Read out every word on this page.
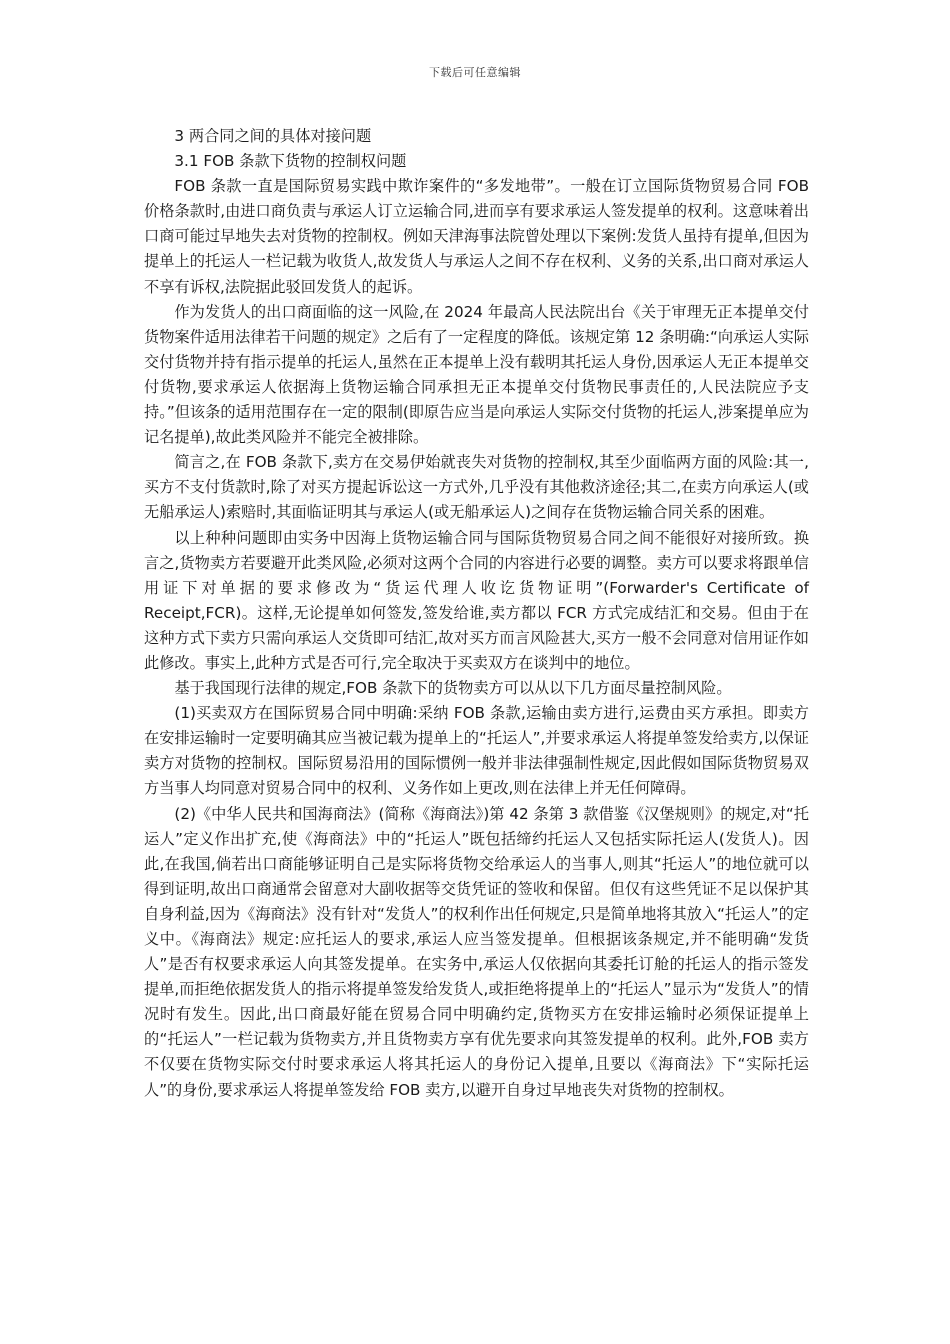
下载后可任意编辑

3 两合同之间的具体对接问题

3.1 FOB 条款下货物的控制权问题

FOB 条款一直是国际贸易实践中欺诈案件的“多发地带”。一般在订立国际货物贸易合同 FOB 价格条款时,由进口商负责与承运人订立运输合同,进而享有要求承运人签发提单的权利。这意味着出口商可能过早地失去对货物的控制权。例如天津海事法院曾处理以下案例:发货人虽持有提单,但因为提单上的托运人一栏记载为收货人,故发货人与承运人之间不存在权利、义务的关系,出口商对承运人不享有诉权,法院据此驳回发货人的起诉。

作为发货人的出口商面临的这一风险,在 2024 年最高人民法院出台《关于审理无正本提单交付货物案件适用法律若干问题的规定》之后有了一定程度的降低。该规定第 12 条明确:“向承运人实际交付货物并持有指示提单的托运人,虽然在正本提单上没有载明其托运人身份,因承运人无正本提单交付货物,要求承运人依据海上货物运输合同承担无正本提单交付货物民事责任的,人民法院应予支持。”但该条的适用范围存在一定的限制(即原告应当是向承运人实际交付货物的托运人,涉案提单应为记名提单),故此类风险并不能完全被排除。

简言之,在 FOB 条款下,卖方在交易伊始就丧失对货物的控制权,其至少面临两方面的风险:其一,买方不支付货款时,除了对买方提起诉讼这一方式外,几乎没有其他救济途径;其二,在卖方向承运人(或无船承运人)索赔时,其面临证明其与承运人(或无船承运人)之间存在货物运输合同关系的困难。

以上种种问题即由实务中因海上货物运输合同与国际货物贸易合同之间不能很好对接所致。换言之,货物卖方若要避开此类风险,必须对这两个合同的内容进行必要的调整。卖方可以要求将跟单信用证下对单据的要求修改为“货运代理人收讫货物证明”(Forwarder's Certificate of Receipt,FCR)。这样,无论提单如何签发,签发给谁,卖方都以 FCR 方式完成结汇和交易。但由于在这种方式下卖方只需向承运人交货即可结汇,故对买方而言风险甚大,买方一般不会同意对信用证作如此修改。事实上,此种方式是否可行,完全取决于买卖双方在谈判中的地位。

基于我国现行法律的规定,FOB 条款下的货物卖方可以从以下几方面尽量控制风险。

(1)买卖双方在国际贸易合同中明确:采纳 FOB 条款,运输由卖方进行,运费由买方承担。即卖方在安排运输时一定要明确其应当被记载为提单上的“托运人”,并要求承运人将提单签发给卖方,以保证卖方对货物的控制权。国际贸易沿用的国际惯例一般并非法律强制性规定,因此假如国际货物贸易双方当事人均同意对贸易合同中的权利、义务作如上更改,则在法律上并无任何障碍。

(2)《中华人民共和国海商法》(简称《海商法》)第 42 条第 3 款借鉴《汉堡规则》的规定,对“托运人”定义作出扩充,使《海商法》中的“托运人”既包括缔约托运人又包括实际托运人(发货人)。因此,在我国,倘若出口商能够证明自己是实际将货物交给承运人的当事人,则其“托运人”的地位就可以得到证明,故出口商通常会留意对大副收据等交货凭证的签收和保留。但仅有这些凭证不足以保护其自身利益,因为《海商法》没有针对“发货人”的权利作出任何规定,只是简单地将其放入“托运人”的定义中。《海商法》规定:应托运人的要求,承运人应当签发提单。但根据该条规定,并不能明确“发货人”是否有权要求承运人向其签发提单。在实务中,承运人仅依据向其委托订舱的托运人的指示签发提单,而拒绝依据发货人的指示将提单签发给发货人,或拒绝将提单上的“托运人”显示为“发货人”的情况时有发生。因此,出口商最好能在贸易合同中明确约定,货物买方在安排运输时必须保证提单上的“托运人”一栏记载为货物卖方,并且货物卖方享有优先要求向其签发提单的权利。此外,FOB 卖方不仅要在货物实际交付时要求承运人将其托运人的身份记入提单,且要以《海商法》下“实际托运人”的身份,要求承运人将提单签发给 FOB 卖方,以避开自身过早地丧失对货物的控制权。
